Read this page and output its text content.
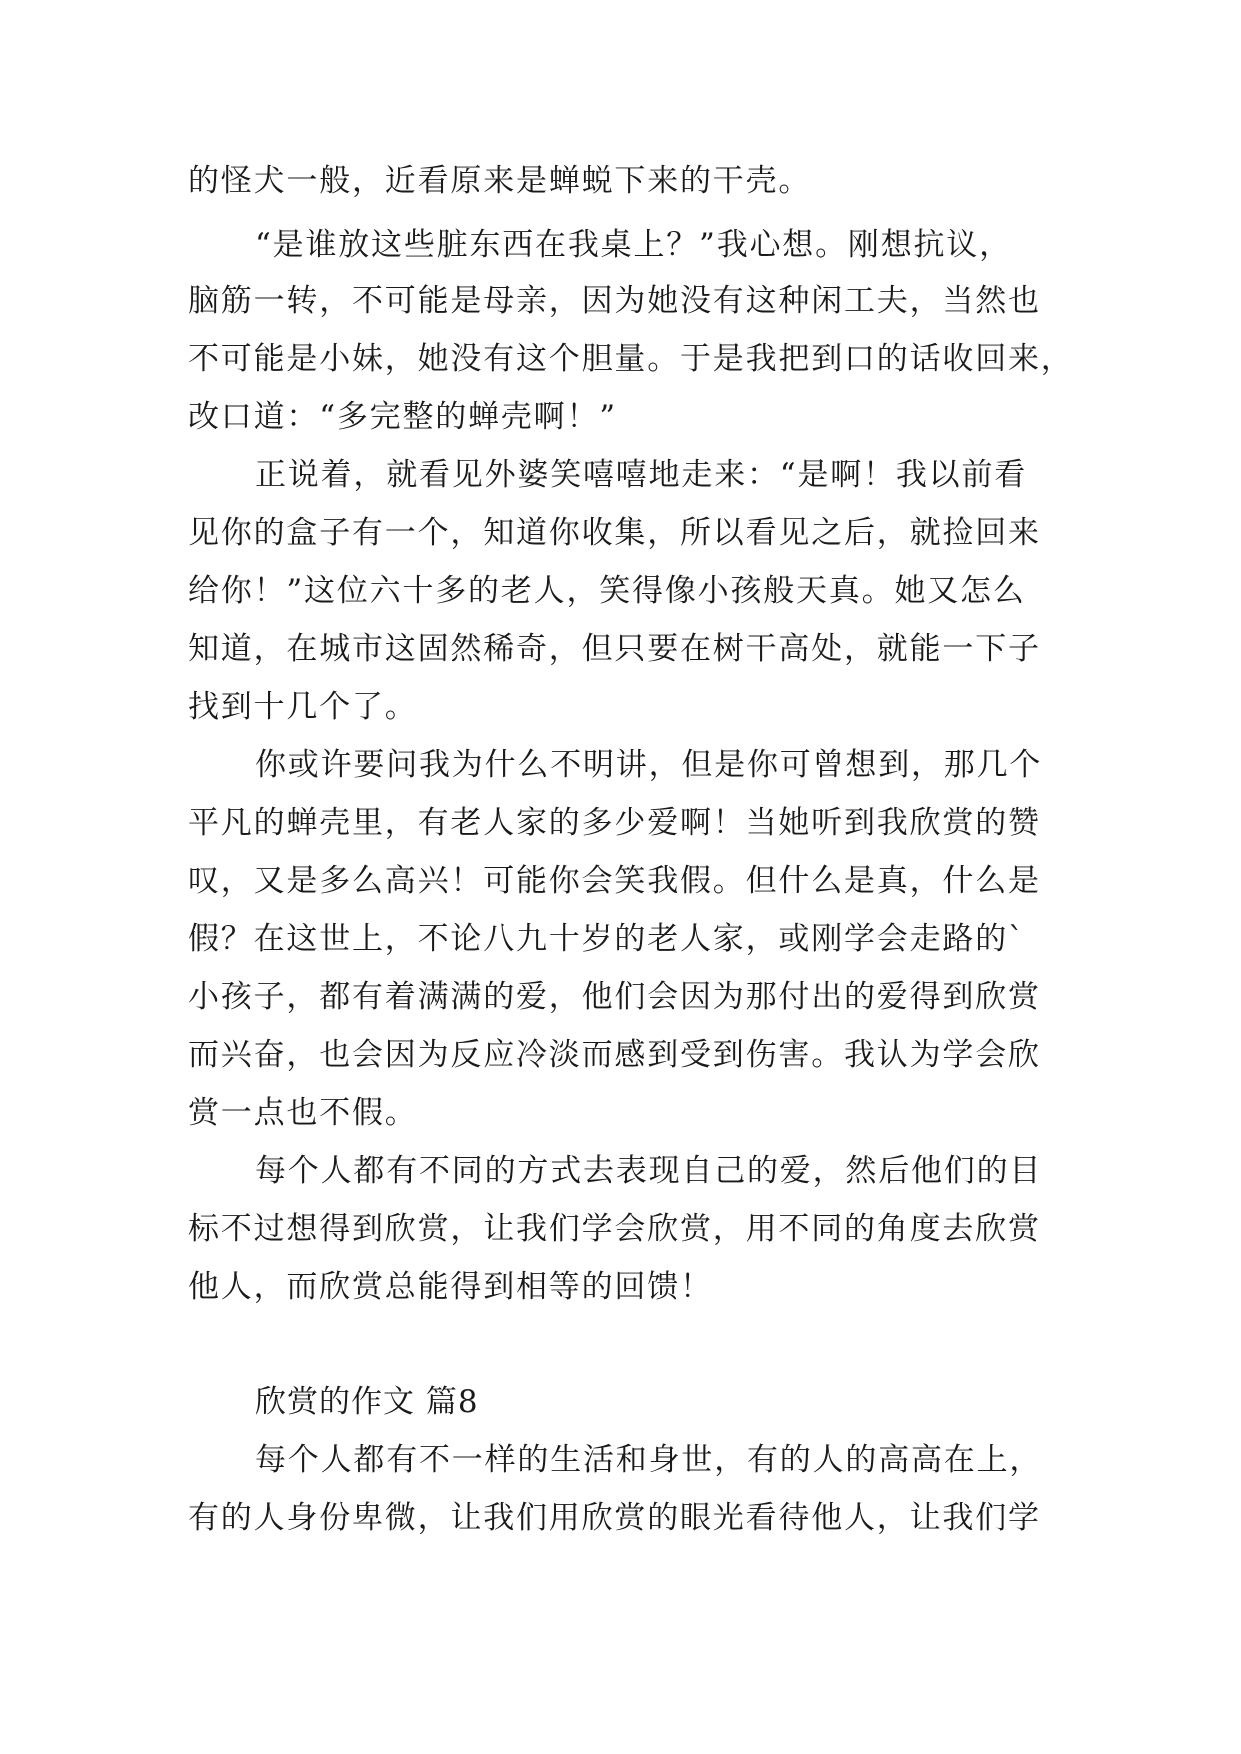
的怪犬一般，近看原来是蝉蜕下来的干壳。

“是谁放这些脏东西在我桌上？”我心想。刚想抗议，

脑筋一转，不可能是母亲，因为她没有这种闲工夫，当然也

不可能是小妹，她没有这个胆量。于是我把到口的话收回来，

改口道：“多完整的蝉壳啊！”

正说着，就看见外婆笑嘻嘻地走来：“是啊！我以前看

见你的盒子有一个，知道你收集，所以看见之后，就捡回来

给你！”这位六十多的老人，笑得像小孩般天真。她又怎么

知道，在城市这固然稀奇，但只要在树干高处，就能一下子

找到十几个了。

你或许要问我为什么不明讲，但是你可曾想到，那几个

平凡的蝉壳里，有老人家的多少爱啊！当她听到我欣赏的赞

叹，又是多么高兴！可能你会笑我假。但什么是真，什么是

假？在这世上，不论八九十岁的老人家，或刚学会走路的`

小孩子，都有着满满的爱，他们会因为那付出的爱得到欣赏

而兴奋，也会因为反应冷淡而感到受到伤害。我认为学会欣

赏一点也不假。

每个人都有不同的方式去表现自己的爱，然后他们的目

标不过想得到欣赏，让我们学会欣赏，用不同的角度去欣赏

他人，而欣赏总能得到相等的回馈！

欣赏的作文 篇8

每个人都有不一样的生活和身世，有的人的高高在上，

有的人身份卑微，让我们用欣赏的眼光看待他人，让我们学
